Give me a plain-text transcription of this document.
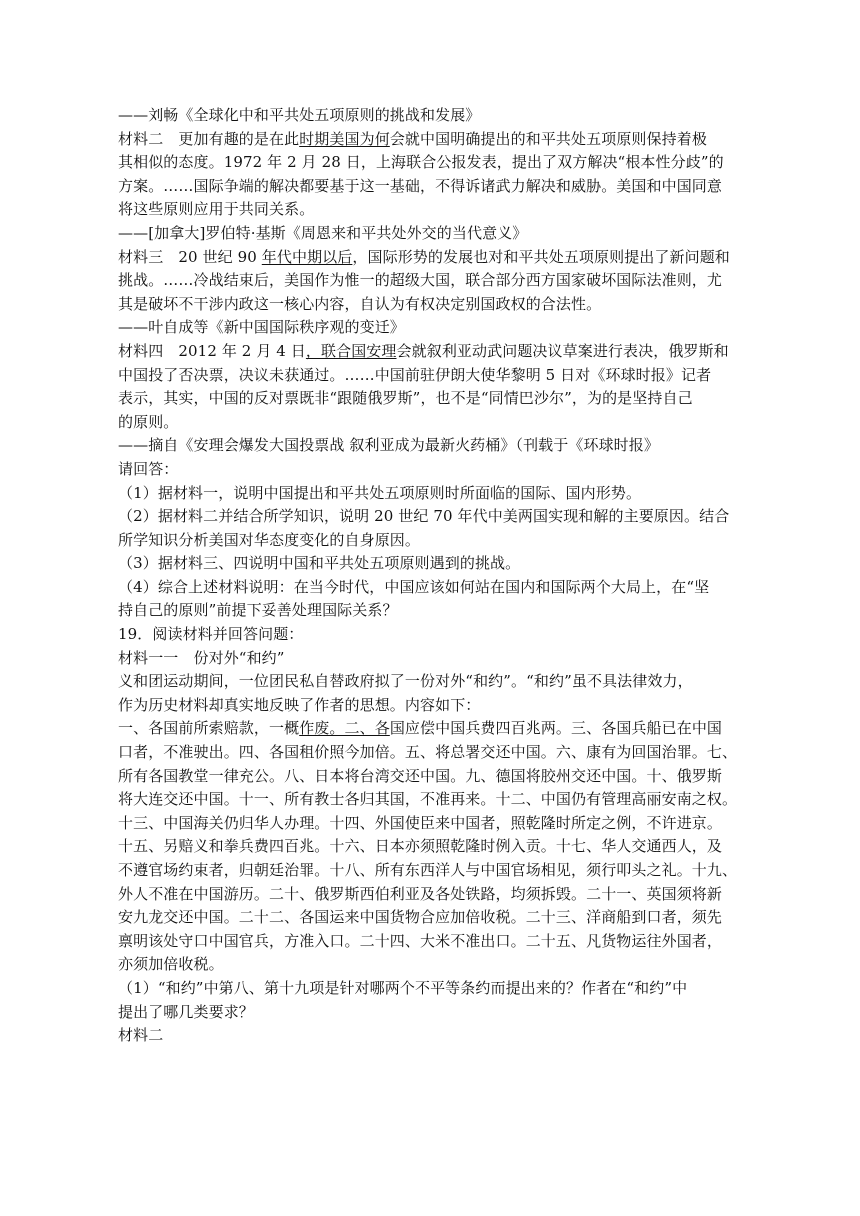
——刘畅《全球化中和平共处五项原则的挑战和发展》
材料二　更加有趣的是在此时期美国为何会就中国明确提出的和平共处五项原则保持着极
其相似的态度。1972 年 2 月 28 日，上海联合公报发表，提出了双方解决“根本性分歧”的
方案。……国际争端的解决都要基于这一基础，不得诉诸武力解决和威胁。美国和中国同意
将这些原则应用于共同关系。
——[加拿大]罗伯特·基斯《周恩来和平共处外交的当代意义》
材料三　20 世纪 90 年代中期以后，国际形势的发展也对和平共处五项原则提出了新问题和
挑战。……冷战结束后，美国作为惟一的超级大国，联合部分西方国家破坏国际法准则，尤
其是破坏不干涉内政这一核心内容，自认为有权决定别国政权的合法性。
——叶自成等《新中国国际秩序观的变迁》
材料四　2012 年 2 月 4 日，联合国安理会就叙利亚动武问题决议草案进行表决，俄罗斯和
中国投了否决票，决议未获通过。……中国前驻伊朗大使华黎明 5 日对《环球时报》记者
表示，其实，中国的反对票既非“跟随俄罗斯”，也不是“同情巴沙尔”，为的是坚持自己
的原则。
——摘自《安理会爆发大国投票战 叙利亚成为最新火药桶》（刊载于《环球时报》
请回答：
（1）据材料一，说明中国提出和平共处五项原则时所面临的国际、国内形势。
（2）据材料二并结合所学知识，说明 20 世纪 70 年代中美两国实现和解的主要原因。结合
所学知识分析美国对华态度变化的自身原因。
（3）据材料三、四说明中国和平共处五项原则遇到的挑战。
（4）综合上述材料说明：在当今时代，中国应该如何站在国内和国际两个大局上，在“坚
持自己的原则”前提下妥善处理国际关系？
19．阅读材料并回答问题：
材料一一　份对外“和约”
义和团运动期间，一位团民私自替政府拟了一份对外“和约”。“和约”虽不具法律效力，
作为历史材料却真实地反映了作者的思想。内容如下：
一、各国前所索赔款，一概作废。二、各国应偿中国兵费四百兆两。三、各国兵船已在中国
口者，不准驶出。四、各国租价照今加倍。五、将总署交还中国。六、康有为回国治罪。七、
所有各国教堂一律充公。八、日本将台湾交还中国。九、德国将胶州交还中国。十、俄罗斯
将大连交还中国。十一、所有教士各归其国，不准再来。十二、中国仍有管理高丽安南之权。
十三、中国海关仍归华人办理。十四、外国使臣来中国者，照乾隆时所定之例，不许进京。
十五、另赔义和拳兵费四百兆。十六、日本亦须照乾隆时例入贡。十七、华人交通西人，及
不遵官场约束者，归朝廷治罪。十八、所有东西洋人与中国官场相见，须行叩头之礼。十九、
外人不准在中国游历。二十、俄罗斯西伯利亚及各处铁路，均须拆毁。二十一、英国须将新
安九龙交还中国。二十二、各国运来中国货物合应加倍收税。二十三、洋商船到口者，须先
禀明该处守口中国官兵，方准入口。二十四、大米不准出口。二十五、凡货物运往外国者，
亦须加倍收税。
（1）“和约”中第八、第十九项是针对哪两个不平等条约而提出来的？作者在“和约”中
提出了哪几类要求？
材料二
